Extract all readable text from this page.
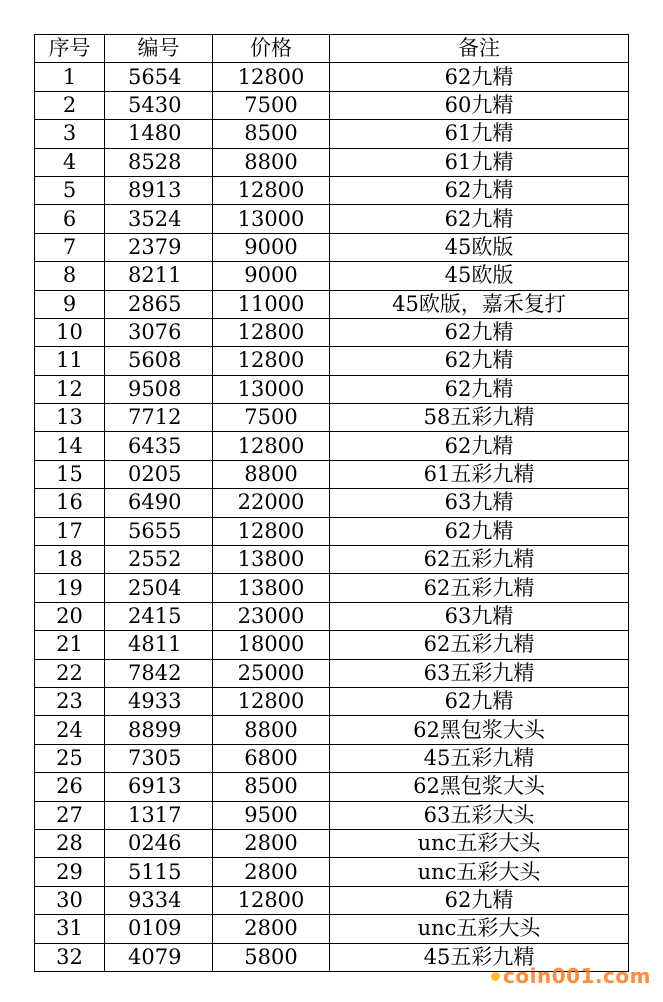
序号	编号	价格	备注
1	5654	12800	62九精
2	5430	7500	60九精
3	1480	8500	61九精
4	8528	8800	61九精
5	8913	12800	62九精
6	3524	13000	62九精
7	2379	9000	45欧版
8	8211	9000	45欧版
9	2865	11000	45欧版，嘉禾复打
10	3076	12800	62九精
11	5608	12800	62九精
12	9508	13000	62九精
13	7712	7500	58五彩九精
14	6435	12800	62九精
15	0205	8800	61五彩九精
16	6490	22000	63九精
17	5655	12800	62九精
18	2552	13800	62五彩九精
19	2504	13800	62五彩九精
20	2415	23000	63九精
21	4811	18000	62五彩九精
22	7842	25000	63五彩九精
23	4933	12800	62九精
24	8899	8800	62黑包浆大头
25	7305	6800	45五彩九精
26	6913	8500	62黑包浆大头
27	1317	9500	63五彩大头
28	0246	2800	unc五彩大头
29	5115	2800	unc五彩大头
30	9334	12800	62九精
31	0109	2800	unc五彩大头
32	4079	5800	45五彩九精
coin001.com
